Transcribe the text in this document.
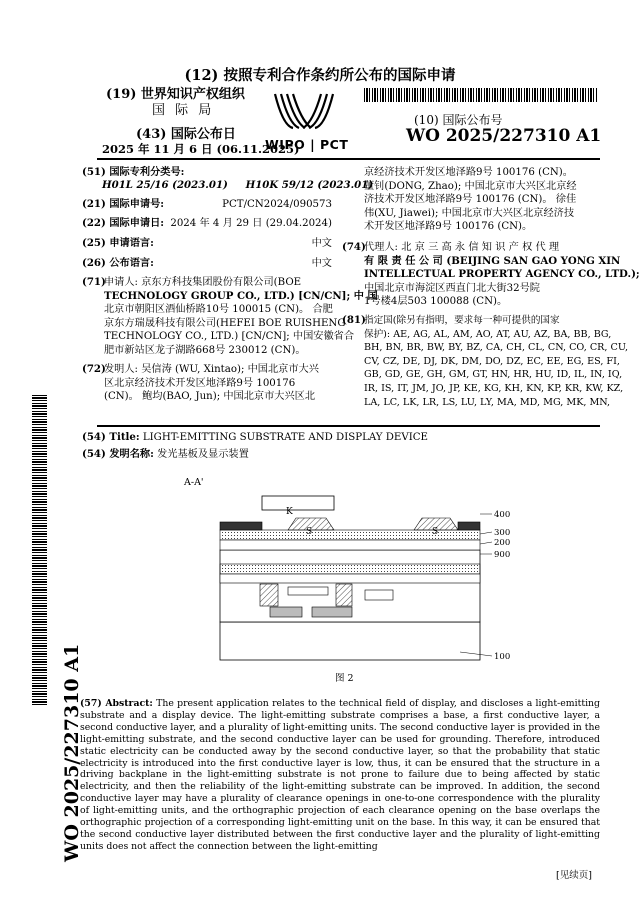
(12) 按照专利合作条约所公布的国际申请
(19) 世界知识产权组织
国 际 局
(43) 国际公布日
2025 年 11 月 6 日 (06.11.2025)
WIPO | PCT
(10) 国际公布号
WO 2025/227310 A1
(51) 国际专利分类号:
H01L 25/16 (2023.01)     H10K 59/12 (2023.01)
(21) 国际申请号:	PCT/CN2024/090573
(22) 国际申请日: 2024 年 4 月 29 日 (29.04.2024)
(25) 申请语言:	中文
(26) 公布语言:	中文
(71)
申请人: 京东方科技集团股份有限公司(BOE
TECHNOLOGY GROUP CO., LTD.) [CN/CN]; 中 国
北京市朝阳区酒仙桥路10号 100015 (CN)。 合肥
京东方瑞晟科技有限公司(HEFEI BOE RUISHENG
TECHNOLOGY CO., LTD.) [CN/CN]; 中国安徽省合
肥市新站区龙子湖路668号 230012 (CN)。
(72)
发明人: 吴信涛 (WU, Xintao); 中国北京市大兴
区北京经济技术开发区地泽路9号 100176
(CN)。 鲍均(BAO, Jun); 中国北京市大兴区北
京经济技术开发区地泽路9号 100176 (CN)。
董钊(DONG, Zhao); 中国北京市大兴区北京经
济技术开发区地泽路9号 100176 (CN)。 徐佳
伟(XU, Jiawei); 中国北京市大兴区北京经济技
术开发区地泽路9号 100176 (CN)。
(74)
代理人: 北 京 三 高 永 信 知 识 产 权 代 理
有 限 责 任 公 司 (BEIJING SAN GAO YONG XIN
INTELLECTUAL PROPERTY AGENCY CO., LTD.);
中国北京市海淀区西直门北大街32号院
1号楼4层503 100088 (CN)。
(81)
指定国(除另有指明，要求每一种可提供的国家
保护): AE, AG, AL, AM, AO, AT, AU, AZ, BA, BB, BG,
BH, BN, BR, BW, BY, BZ, CA, CH, CL, CN, CO, CR, CU,
CV, CZ, DE, DJ, DK, DM, DO, DZ, EC, EE, EG, ES, FI,
GB, GD, GE, GH, GM, GT, HN, HR, HU, ID, IL, IN, IQ,
IR, IS, IT, JM, JO, JP, KE, KG, KH, KN, KP, KR, KW, KZ,
LA, LC, LK, LR, LS, LU, LY, MA, MD, MG, MK, MN,
(54) Title: LIGHT-EMITTING SUBSTRATE AND DISPLAY DEVICE
(54) 发明名称: 发光基板及显示装置
A-A'
K
S	S
400
300
200
900
100
图 2
(57) Abstract: The present application relates to the technical field of display, and discloses a light-emitting substrate and a display device. The light-emitting substrate comprises a base, a first conductive layer, a second conductive layer, and a plurality of light-emitting units. The second conductive layer is provided in the light-emitting substrate, and the second conductive layer can be used for grounding. Therefore, introduced static electricity can be conducted away by the second conductive layer, so that the probability that static electricity is introduced into the first conductive layer is low, thus, it can be ensured that the structure in a driving backplane in the light-emitting substrate is not prone to failure due to being affected by static electricity, and then the reliability of the light-emitting substrate can be improved. In addition, the second conductive layer may have a plurality of clearance openings in one-to-one correspondence with the plurality of light-emitting units, and the orthographic projection of each clearance opening on the base overlaps the orthographic projection of a corresponding light-emitting unit on the base. In this way, it can be ensured that the second conductive layer distributed between the first conductive layer and the plurality of light-emitting units does not affect the connection between the light-emitting
WO 2025/227310 A1
[见续页]
